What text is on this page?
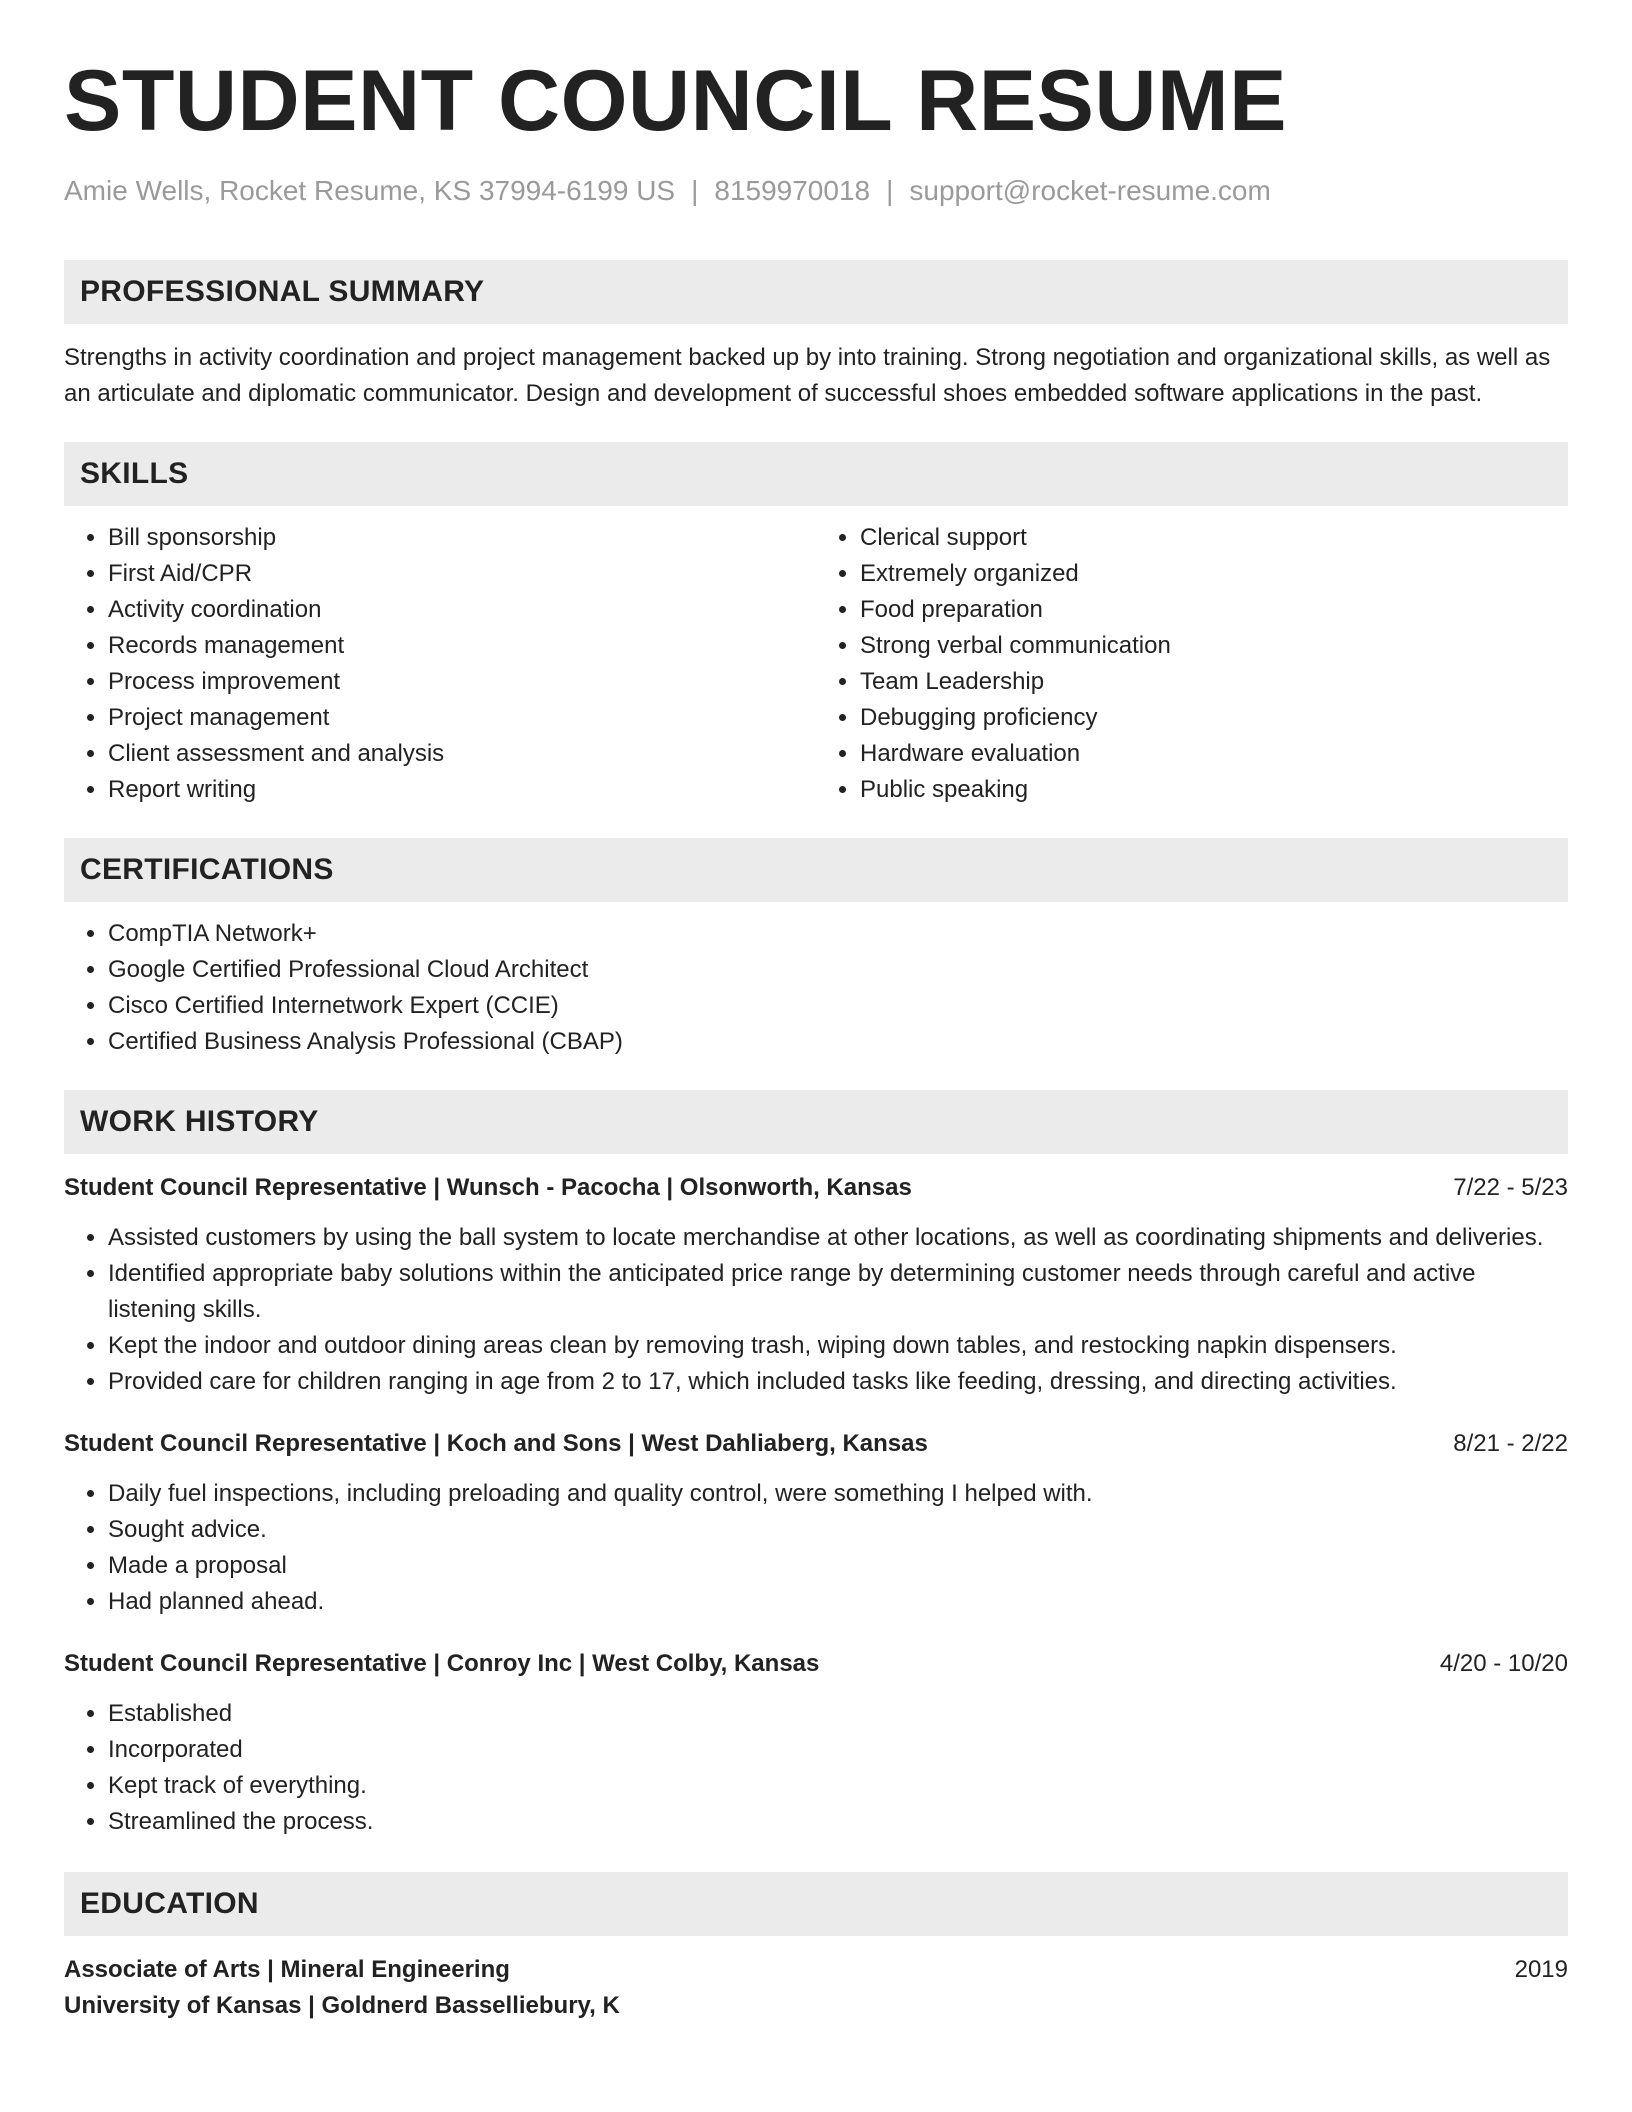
STUDENT COUNCIL RESUME
Amie Wells, Rocket Resume, KS 37994-6199 US | 8159970018 | support@rocket-resume.com
PROFESSIONAL SUMMARY

Strengths in activity coordination and project management backed up by into training. Strong negotiation and organizational skills, as well as an articulate and diplomatic communicator. Design and development of successful shoes embedded software applications in the past.

SKILLS
• Bill sponsorship
• First Aid/CPR
• Activity coordination
• Records management
• Process improvement
• Project management
• Client assessment and analysis
• Report writing
• Clerical support
• Extremely organized
• Food preparation
• Strong verbal communication
• Team Leadership
• Debugging proficiency
• Hardware evaluation
• Public speaking
CERTIFICATIONS
• CompTIA Network+
• Google Certified Professional Cloud Architect
• Cisco Certified Internetwork Expert (CCIE)
• Certified Business Analysis Professional (CBAP)
WORK HISTORY
Student Council Representative | Wunsch - Pacocha | Olsonworth, Kansas	7/22 - 5/23
• Assisted customers by using the ball system to locate merchandise at other locations, as well as coordinating shipments and deliveries.
• Identified appropriate baby solutions within the anticipated price range by determining customer needs through careful and active listening skills.
• Kept the indoor and outdoor dining areas clean by removing trash, wiping down tables, and restocking napkin dispensers.
• Provided care for children ranging in age from 2 to 17, which included tasks like feeding, dressing, and directing activities.
Student Council Representative | Koch and Sons | West Dahliaberg, Kansas	8/21 - 2/22
• Daily fuel inspections, including preloading and quality control, were something I helped with.
• Sought advice.
• Made a proposal
• Had planned ahead.
Student Council Representative | Conroy Inc | West Colby, Kansas	4/20 - 10/20
• Established
• Incorporated
• Kept track of everything.
• Streamlined the process.
EDUCATION
Associate of Arts | Mineral Engineering	2019
University of Kansas | Goldnerd Basselliebury, K
